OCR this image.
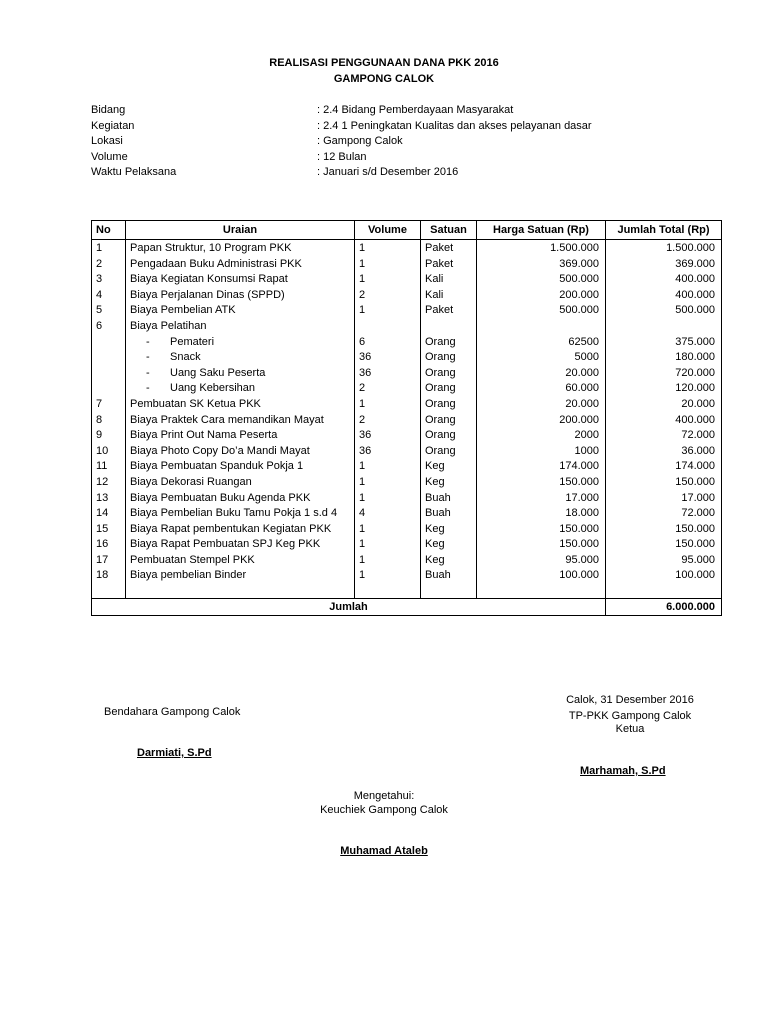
REALISASI PENGGUNAAN DANA PKK 2016
GAMPONG CALOK
Bidang	: 2.4 Bidang Pemberdayaan Masyarakat
Kegiatan	: 2.4 1 Peningkatan Kualitas dan akses pelayanan dasar
Lokasi	: Gampong Calok
Volume	: 12 Bulan
Waktu Pelaksana	: Januari s/d Desember 2016
No	Uraian	Volume	Satuan	Harga Satuan (Rp)	Jumlah Total (Rp)
1	Papan Struktur, 10 Program PKK	1	Paket	1.500.000	1.500.000
2	Pengadaan Buku Administrasi PKK	1	Paket	369.000	369.000
3	Biaya Kegiatan Konsumsi Rapat	1	Kali	500.000	400.000
4	Biaya Perjalanan Dinas (SPPD)	2	Kali	200.000	400.000
5	Biaya Pembelian ATK	1	Paket	500.000	500.000
6	Biaya Pelatihan				
	- Pemateri	6	Orang	62500	375.000
	- Snack	36	Orang	5000	180.000
	- Uang Saku Peserta	36	Orang	20.000	720.000
	- Uang Kebersihan	2	Orang	60.000	120.000
7	Pembuatan SK Ketua PKK	1	Orang	20.000	20.000
8	Biaya Praktek Cara memandikan Mayat	2	Orang	200.000	400.000
9	Biaya Print Out Nama Peserta	36	Orang	2000	72.000
10	Biaya Photo Copy Do’a Mandi Mayat	36	Orang	1000	36.000
11	Biaya Pembuatan Spanduk Pokja 1	1	Keg	174.000	174.000
12	Biaya Dekorasi Ruangan	1	Keg	150.000	150.000
13	Biaya Pembuatan Buku Agenda PKK	1	Buah	17.000	17.000
14	Biaya Pembelian Buku Tamu Pokja 1 s.d 4	4	Buah	18.000	72.000
15	Biaya Rapat pembentukan Kegiatan PKK	1	Keg	150.000	150.000
16	Biaya Rapat Pembuatan SPJ Keg PKK	1	Keg	150.000	150.000
17	Pembuatan Stempel PKK	1	Keg	95.000	95.000
18	Biaya pembelian Binder	1	Buah	100.000	100.000

Jumlah					6.000.000
Bendahara Gampong Calok
Darmiati, S.Pd
Calok, 31 Desember 2016
TP-PKK Gampong Calok
Ketua
Marhamah, S.Pd
Mengetahui:
Keuchiek Gampong Calok
Muhamad Ataleb
